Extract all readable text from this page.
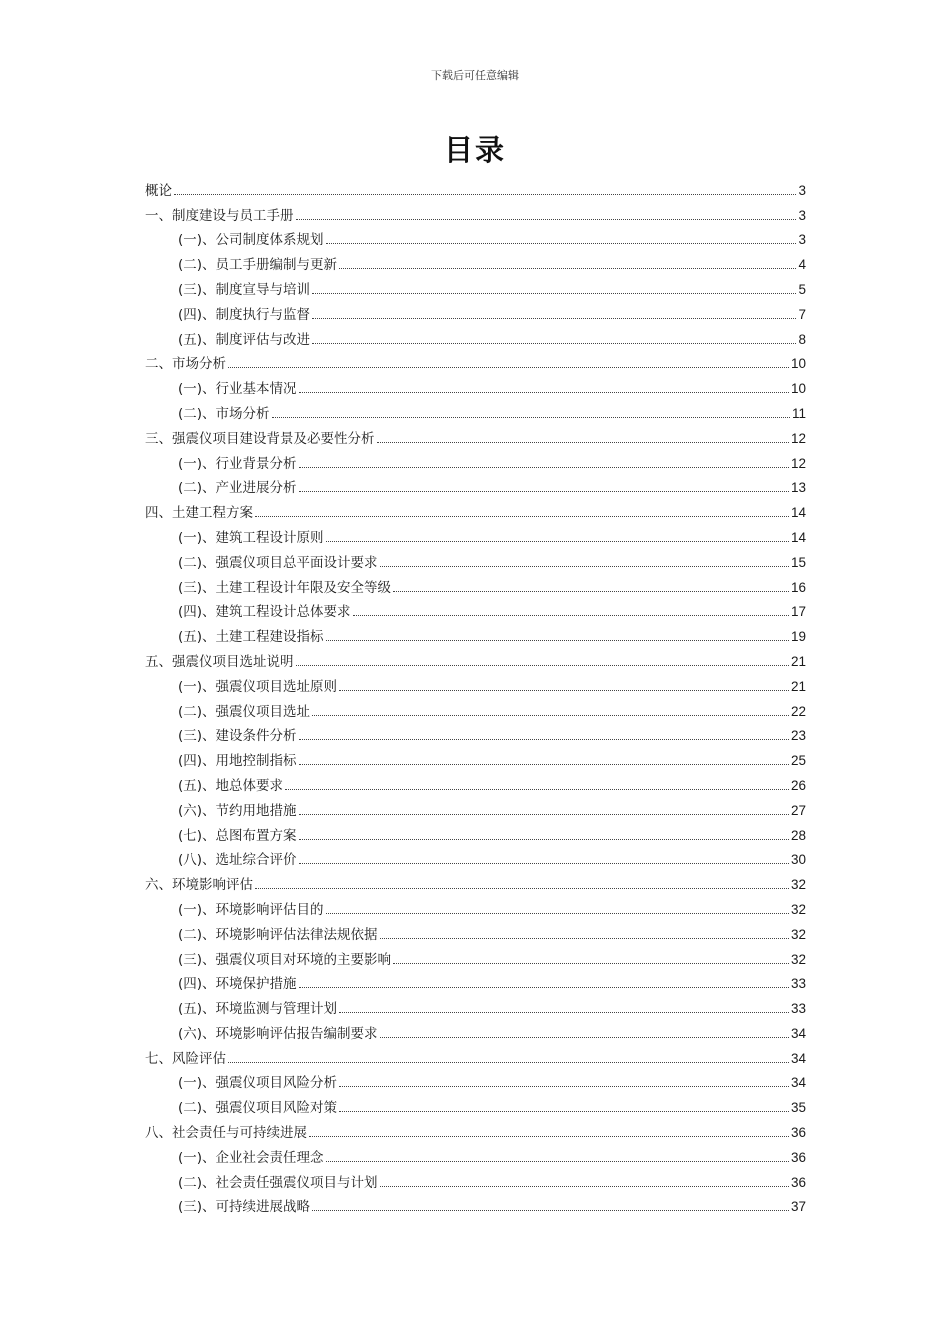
下载后可任意编辑
目录
概论	3
一、制度建设与员工手册	3
(一)、公司制度体系规划	3
(二)、员工手册编制与更新	4
(三)、制度宣导与培训	5
(四)、制度执行与监督	7
(五)、制度评估与改进	8
二、市场分析	10
(一)、行业基本情况	10
(二)、市场分析	11
三、强震仪项目建设背景及必要性分析	12
(一)、行业背景分析	12
(二)、产业进展分析	13
四、土建工程方案	14
(一)、建筑工程设计原则	14
(二)、强震仪项目总平面设计要求	15
(三)、土建工程设计年限及安全等级	16
(四)、建筑工程设计总体要求	17
(五)、土建工程建设指标	19
五、强震仪项目选址说明	21
(一)、强震仪项目选址原则	21
(二)、强震仪项目选址	22
(三)、建设条件分析	23
(四)、用地控制指标	25
(五)、地总体要求	26
(六)、节约用地措施	27
(七)、总图布置方案	28
(八)、选址综合评价	30
六、环境影响评估	32
(一)、环境影响评估目的	32
(二)、环境影响评估法律法规依据	32
(三)、强震仪项目对环境的主要影响	32
(四)、环境保护措施	33
(五)、环境监测与管理计划	33
(六)、环境影响评估报告编制要求	34
七、风险评估	34
(一)、强震仪项目风险分析	34
(二)、强震仪项目风险对策	35
八、社会责任与可持续进展	36
(一)、企业社会责任理念	36
(二)、社会责任强震仪项目与计划	36
(三)、可持续进展战略	37
